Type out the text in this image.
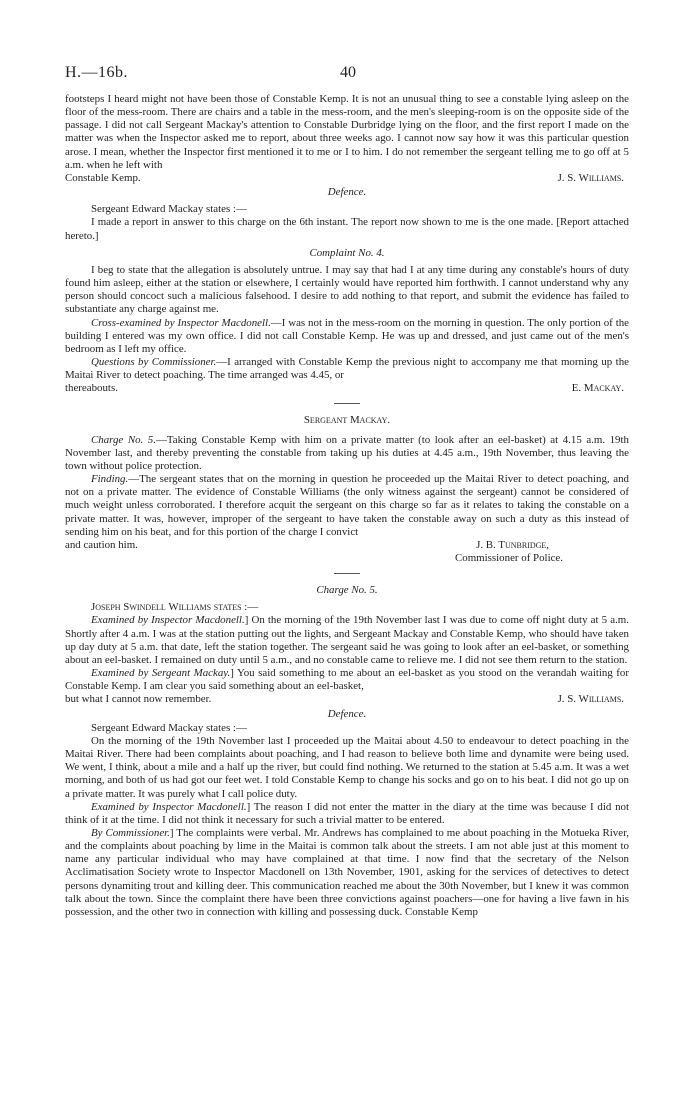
H.—16b.	40

footsteps I heard might not have been those of Constable Kemp. It is not an unusual thing to see a constable lying asleep on the floor of the mess-room. There are chairs and a table in the mess-room, and the men's sleeping-room is on the opposite side of the passage. I did not call Sergeant Mackay's attention to Constable Durbridge lying on the floor, and the first report I made on the matter was when the Inspector asked me to report, about three weeks ago. I cannot now say how it was this particular question arose. I mean, whether the Inspector first mentioned it to me or I to him. I do not remember the sergeant telling me to go off at 5 a.m. when he left with

Constable Kemp.	J. S. Williams.

Defence.

Sergeant Edward Mackay states :—

I made a report in answer to this charge on the 6th instant. The report now shown to me is the one made. [Report attached hereto.]

Complaint No. 4.

I beg to state that the allegation is absolutely untrue. I may say that had I at any time during any constable's hours of duty found him asleep, either at the station or elsewhere, I certainly would have reported him forthwith. I cannot understand why any person should concoct such a malicious falsehood. I desire to add nothing to that report, and submit the evidence has failed to substantiate any charge against me.

Cross-examined by Inspector Macdonell.—I was not in the mess-room on the morning in question. The only portion of the building I entered was my own office. I did not call Constable Kemp. He was up and dressed, and just came out of the men's bedroom as I left my office.

Questions by Commissioner.—I arranged with Constable Kemp the previous night to accompany me that morning up the Maitai River to detect poaching. The time arranged was 4.45, or

thereabouts.	E. Mackay.

Sergeant Mackay.

Charge No. 5.—Taking Constable Kemp with him on a private matter (to look after an eel-basket) at 4.15 a.m. 19th November last, and thereby preventing the constable from taking up his duties at 4.45 a.m., 19th November, thus leaving the town without police protection.

Finding.—The sergeant states that on the morning in question he proceeded up the Maitai River to detect poaching, and not on a private matter. The evidence of Constable Williams (the only witness against the sergeant) cannot be considered of much weight unless corroborated. I therefore acquit the sergeant on this charge so far as it relates to taking the constable on a private matter. It was, however, improper of the sergeant to have taken the constable away on such a duty as this instead of sending him on his beat, and for this portion of the charge I convict

and caution him.	J. B. Tunbridge,

Commissioner of Police.

Charge No. 5.

Joseph Swindell Williams states :—

Examined by Inspector Macdonell.] On the morning of the 19th November last I was due to come off night duty at 5 a.m. Shortly after 4 a.m. I was at the station putting out the lights, and Sergeant Mackay and Constable Kemp, who should have taken up day duty at 5 a.m. that date, left the station together. The sergeant said he was going to look after an eel-basket, or something about an eel-basket. I remained on duty until 5 a.m., and no constable came to relieve me. I did not see them return to the station.

Examined by Sergeant Mackay.] You said something to me about an eel-basket as you stood on the verandah waiting for Constable Kemp. I am clear you said something about an eel-basket,

but what I cannot now remember.	J. S. Williams.

Defence.

Sergeant Edward Mackay states :—

On the morning of the 19th November last I proceeded up the Maitai about 4.50 to endeavour to detect poaching in the Maitai River. There had been complaints about poaching, and I had reason to believe both lime and dynamite were being used. We went, I think, about a mile and a half up the river, but could find nothing. We returned to the station at 5.45 a.m. It was a wet morning, and both of us had got our feet wet. I told Constable Kemp to change his socks and go on to his beat. I did not go up on a private matter. It was purely what I call police duty.

Examined by Inspector Macdonell.] The reason I did not enter the matter in the diary at the time was because I did not think of it at the time. I did not think it necessary for such a trivial matter to be entered.

By Commissioner.] The complaints were verbal. Mr. Andrews has complained to me about poaching in the Motueka River, and the complaints about poaching by lime in the Maitai is common talk about the streets. I am not able just at this moment to name any particular individual who may have complained at that time. I now find that the secretary of the Nelson Acclimatisation Society wrote to Inspector Macdonell on 13th November, 1901, asking for the services of detectives to detect persons dynamiting trout and killing deer. This communication reached me about the 30th November, but I knew it was common talk about the town. Since the complaint there have been three convictions against poachers—one for having a live fawn in his possession, and the other two in connection with killing and possessing duck. Constable Kemp
